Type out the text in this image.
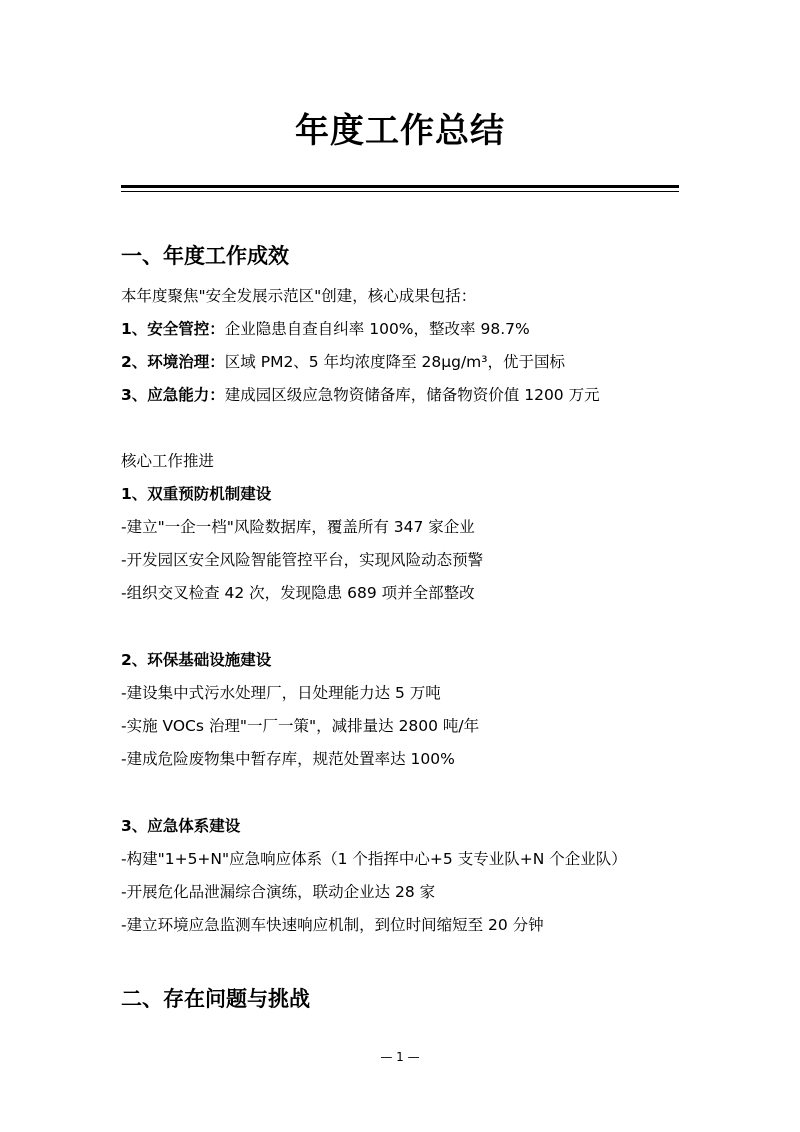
年度工作总结
一、年度工作成效
本年度聚焦"安全发展示范区"创建，核心成果包括：
1、安全管控：企业隐患自查自纠率 100%，整改率 98.7%
2、环境治理：区域 PM2、5 年均浓度降至 28μg/m³，优于国标
3、应急能力：建成园区级应急物资储备库，储备物资价值 1200 万元
核心工作推进
1、双重预防机制建设
-建立"一企一档"风险数据库，覆盖所有 347 家企业
-开发园区安全风险智能管控平台，实现风险动态预警
-组织交叉检查 42 次，发现隐患 689 项并全部整改
2、环保基础设施建设
-建设集中式污水处理厂，日处理能力达 5 万吨
-实施 VOCs 治理"一厂一策"，减排量达 2800 吨/年
-建成危险废物集中暂存库，规范处置率达 100%
3、应急体系建设
-构建"1+5+N"应急响应体系（1 个指挥中心+5 支专业队+N 个企业队）
-开展危化品泄漏综合演练，联动企业达 28 家
-建立环境应急监测车快速响应机制，到位时间缩短至 20 分钟
二、存在问题与挑战
— 1 —
